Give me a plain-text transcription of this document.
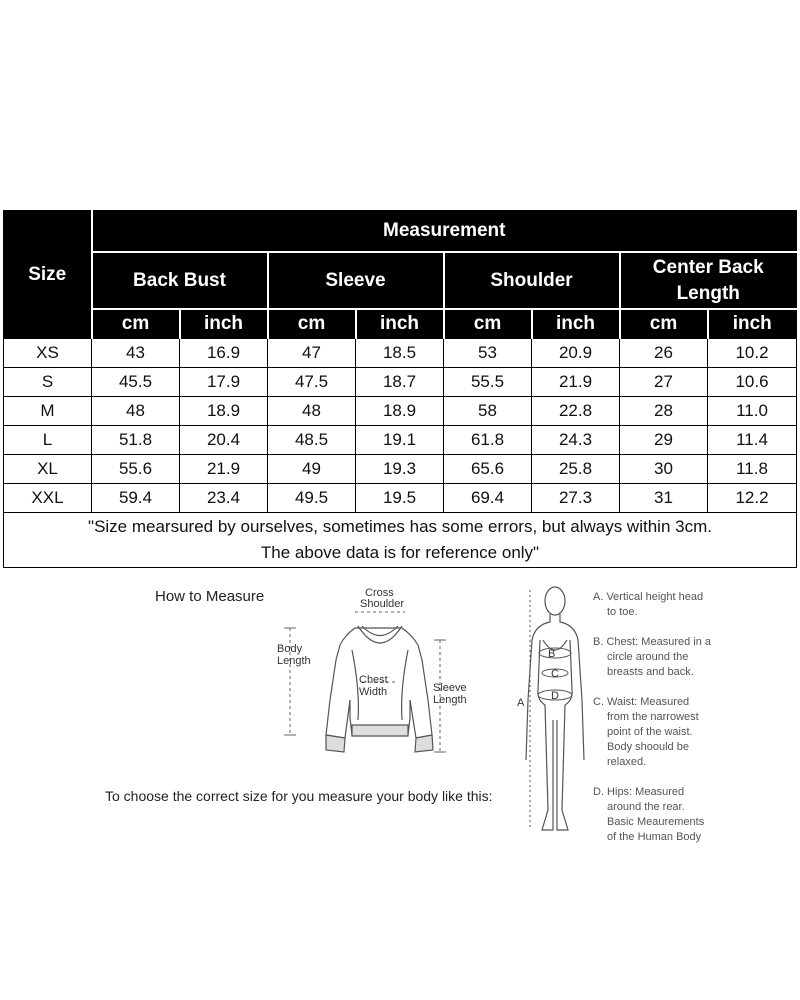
Size	Measurement							
	Back Bust		Sleeve		Shoulder		Center Back
Length	
	cm	inch	cm	inch	cm	inch	cm	inch
XS	43	16.9	47	18.5	53	20.9	26	10.2
S	45.5	17.9	47.5	18.7	55.5	21.9	27	10.6
M	48	18.9	48	18.9	58	22.8	28	11.0
L	51.8	20.4	48.5	19.1	61.8	24.3	29	11.4
XL	55.6	21.9	49	19.3	65.6	25.8	30	11.8
XXL	59.4	23.4	49.5	19.5	69.4	27.3	31	12.2
"Size mearsured by ourselves, sometimes has some errors, but always within 3cm.
The above data is for reference only"								
How to Measure
To choose the correct size for you measure your body like this:
Cross
Shoulder
Body
Length
Chest
Width	Sleeve
Length
B
C
D
A
A. Vertical height head
to toe.
B. Chest: Measured in a
circle around the
breasts and back.
C. Waist: Measured
from the narrowest
point of the waist.
Body shoould be
relaxed.
D. Hips: Measured
around the rear.
Basic Meaurements
of the Human Body
